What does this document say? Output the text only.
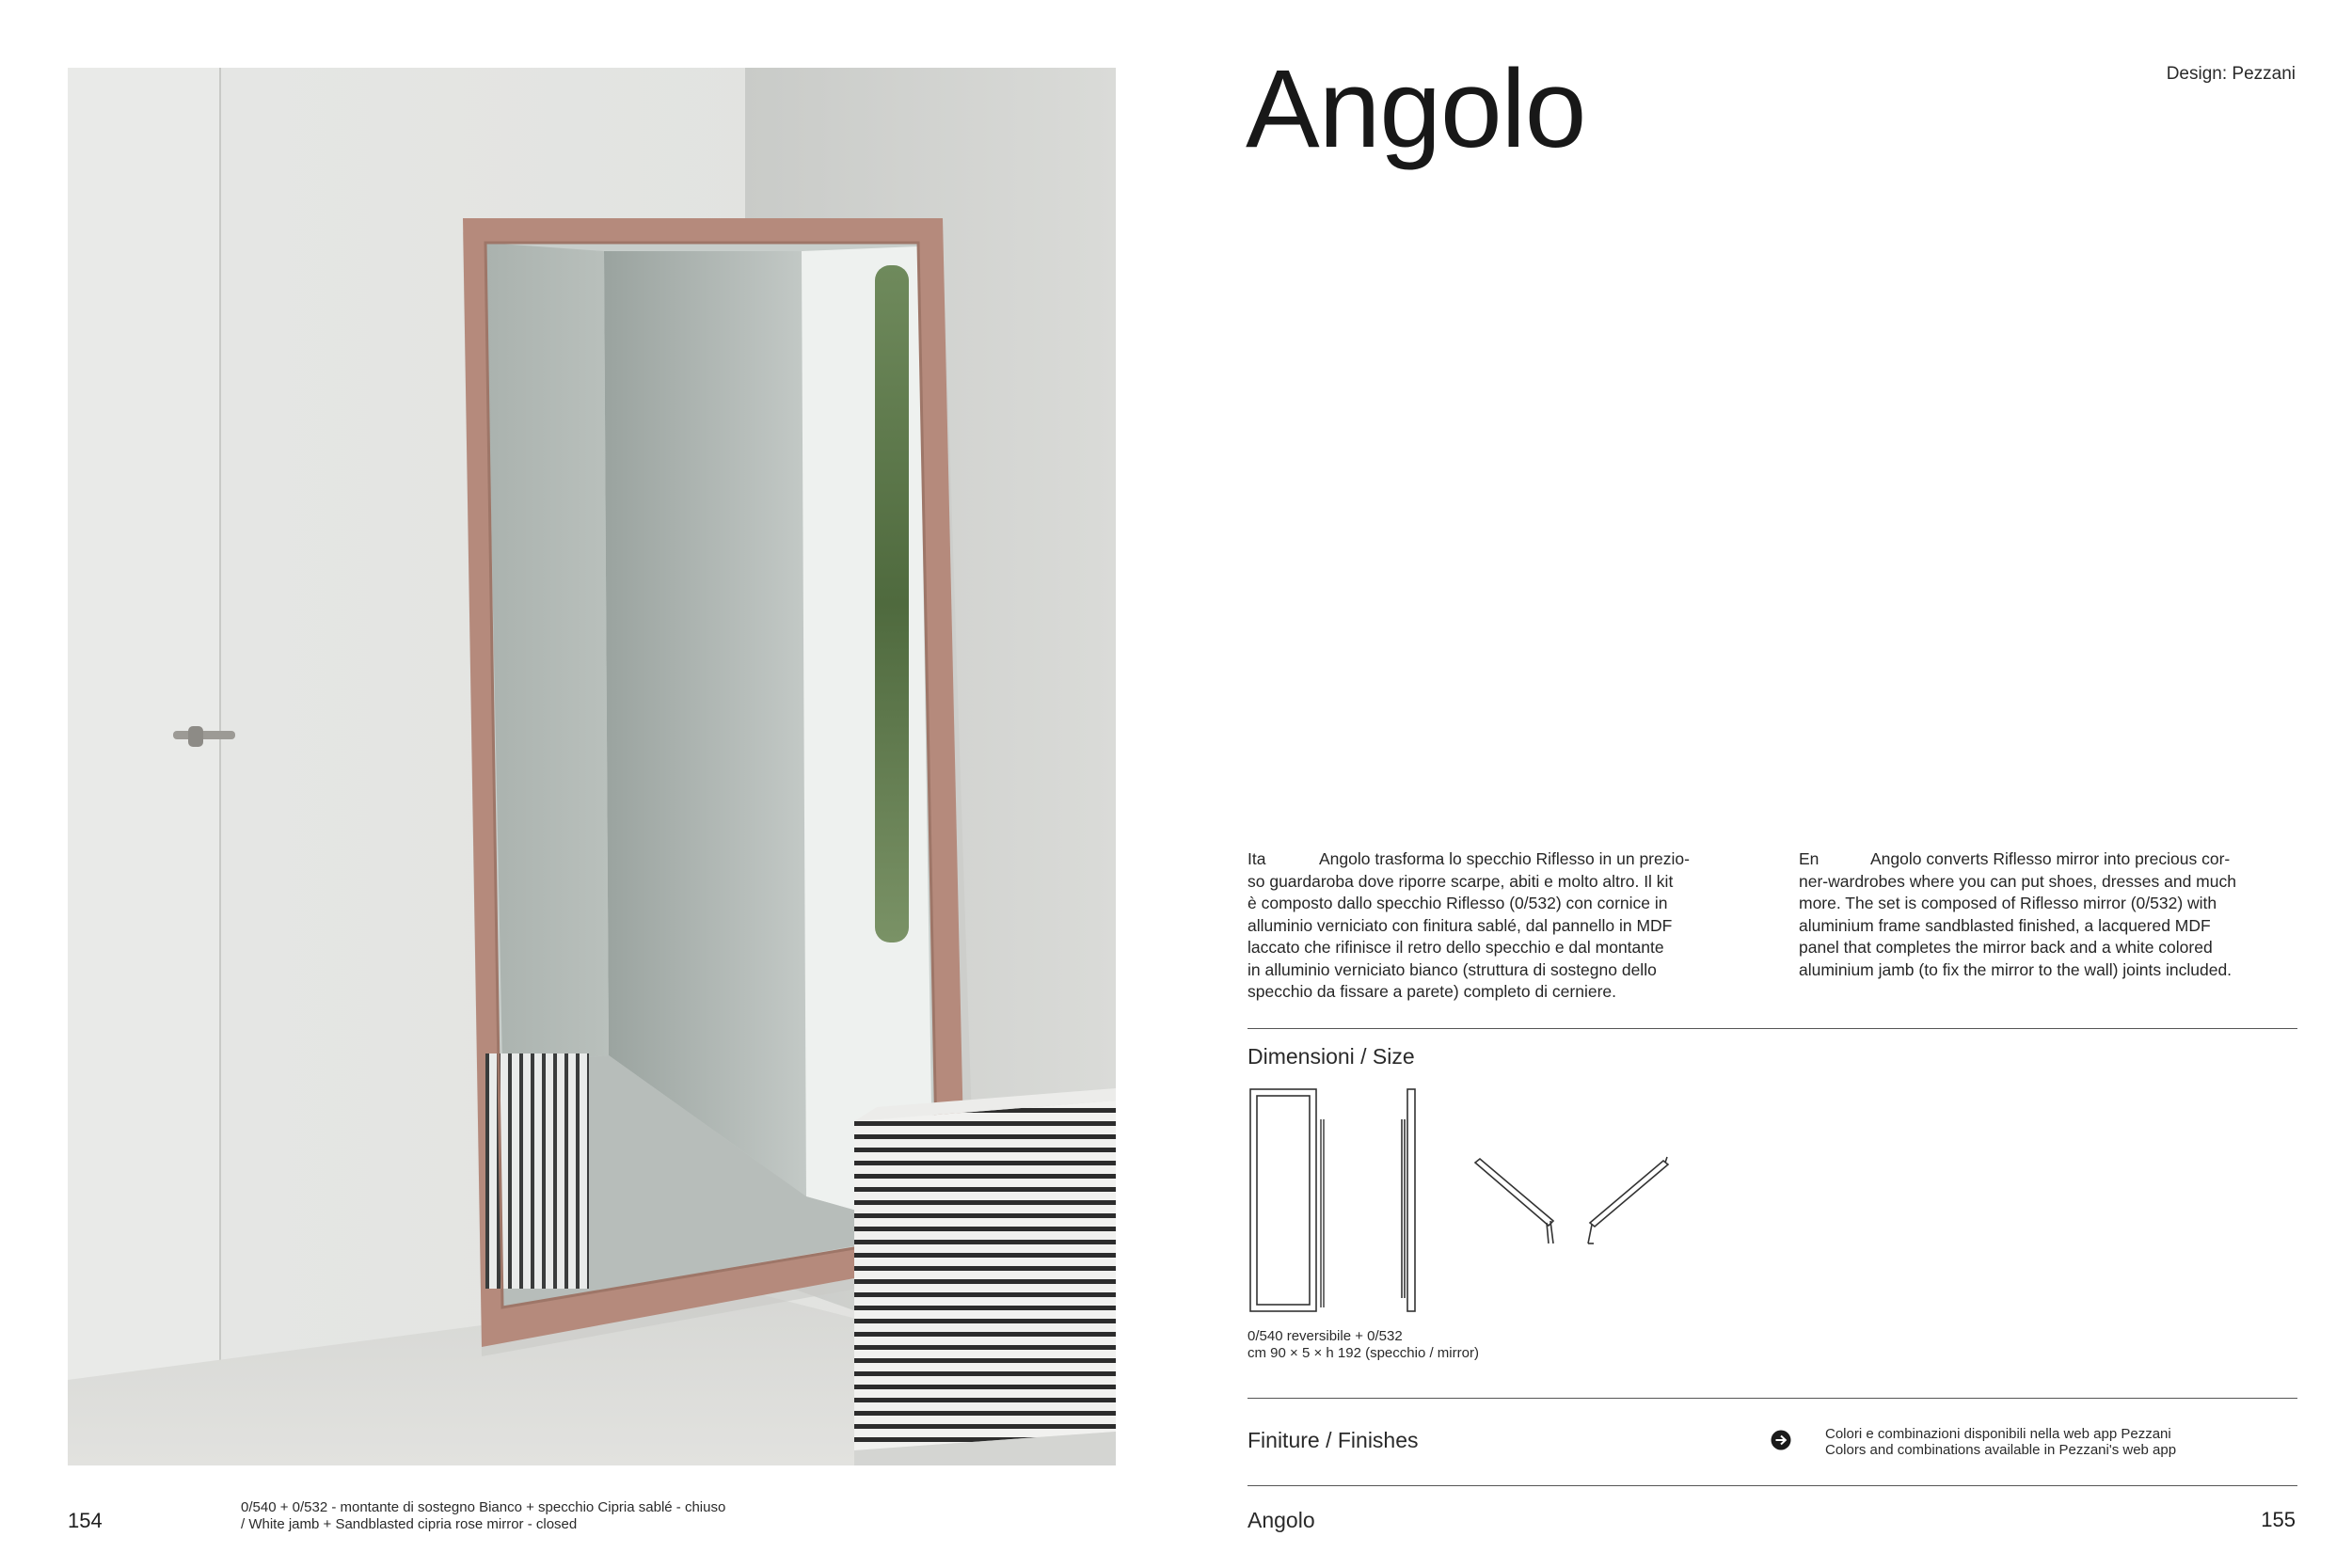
154
0/540 + 0/532 - montante di sostegno Bianco + specchio Cipria sablé - chiuso
/ White jamb + Sandblasted cipria rose mirror - closed
Angolo	Design: Pezzani
Ita	Angolo trasforma lo specchio Riflesso in un prezio-
so guardaroba dove riporre scarpe, abiti e molto altro. Il kit
è composto dallo specchio Riflesso (0/532) con cornice in
alluminio verniciato con finitura sablé, dal pannello in MDF
laccato che rifinisce il retro dello specchio e dal montante
in alluminio verniciato bianco (struttura di sostegno dello
specchio da fissare a parete) completo di cerniere.
En	Angolo converts Riflesso mirror into precious cor-
ner-wardrobes where you can put shoes, dresses and much
more. The set is composed of Riflesso mirror (0/532) with
aluminium frame sandblasted finished, a lacquered MDF
panel that completes the mirror back and a white colored
aluminium jamb (to fix the mirror to the wall) joints included.
Dimensioni / Size
0/540 reversibile + 0/532
cm 90 × 5 × h 192 (specchio / mirror)
Finiture / Finishes	Colori e combinazioni disponibili nella web app Pezzani
Colors and combinations available in Pezzani's web app
Angolo	155
